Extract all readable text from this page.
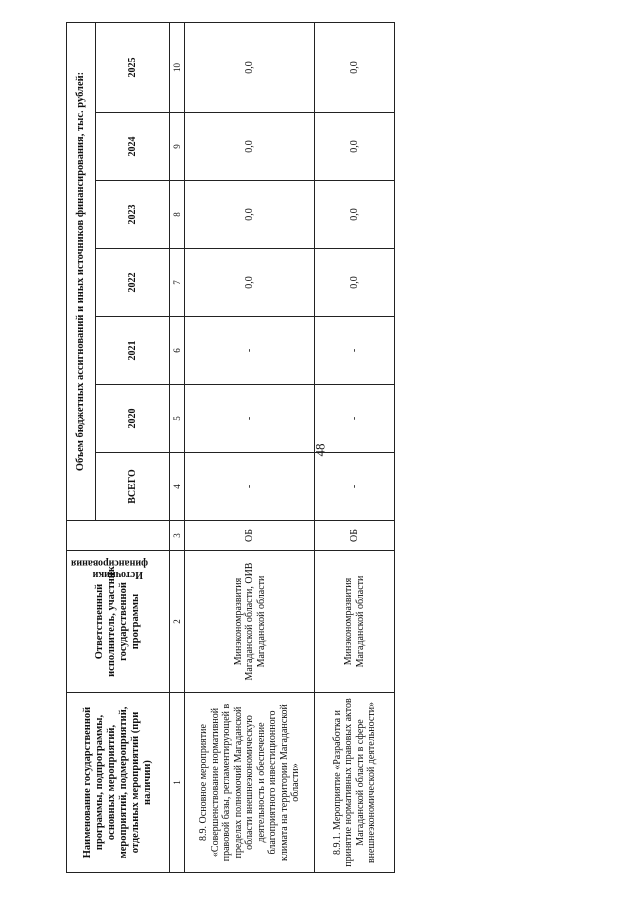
48
Наименование государственной программы, подпрограммы, основных мероприятий, мероприятий, подмероприятий, отдельных мероприятий (при наличии)	Ответственный исполнитель, участник государственной программы	Источники финансирования	Объем бюджетных ассигнований и иных источников финансирования, тыс. рублей:						
			ВСЕГО	2020	2021	2022	2023	2024	2025
1	2	3	4	5	6	7	8	9	10
8.9. Основное мероприятие «Совершенствование нормативной правовой базы, регламентирующей в пределах полномочий Магаданской области внешнеэкономическую деятельность и обеспечение благоприятного инвестиционного климата на территории Магаданской области»	Минэкономразвития Магаданской области, ОИВ Магаданской области	ОБ	-	-	-	0,0	0,0	0,0	0,0
8.9.1. Мероприятие «Разработка и принятие нормативных правовых актов Магаданской области в сфере внешнеэкономической деятельности»	Минэкономразвития Магаданской области	ОБ	-	-	-	0,0	0,0	0,0	0,0
